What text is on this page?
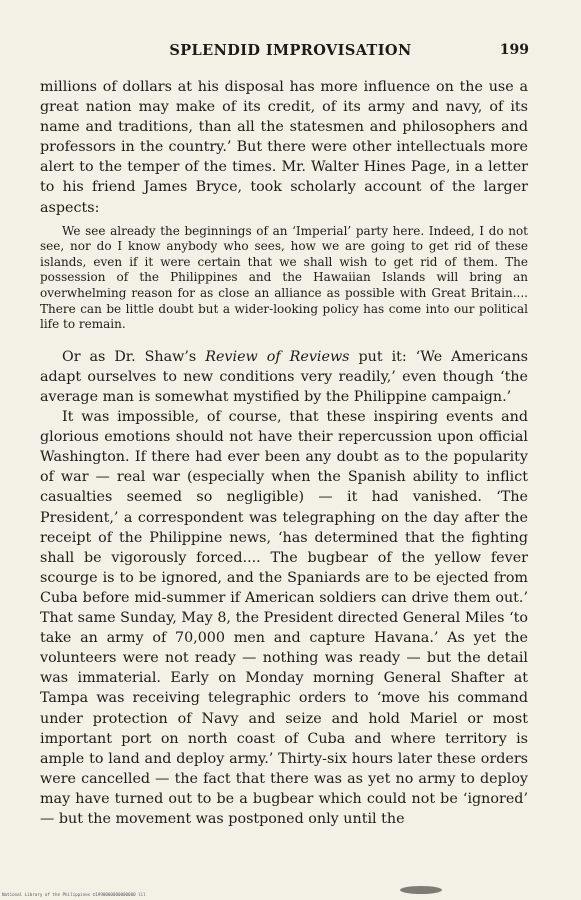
SPLENDID IMPROVISATION	199

millions of dollars at his disposal has more influence on the use a great nation may make of its credit, of its army and navy, of its name and traditions, than all the statesmen and philosophers and professors in the country.’ But there were other intellectuals more alert to the temper of the times. Mr. Walter Hines Page, in a letter to his friend James Bryce, took scholarly account of the larger aspects:

We see already the beginnings of an ‘Imperial’ party here. Indeed, I do not see, nor do I know anybody who sees, how we are going to get rid of these islands, even if it were certain that we shall wish to get rid of them. The possession of the Philippines and the Hawaiian Islands will bring an overwhelming reason for as close an alliance as possible with Great Britain.... There can be little doubt but a wider-looking policy has come into our political life to remain.

Or as Dr. Shaw’s Review of Reviews put it: ‘We Americans adapt ourselves to new conditions very readily,’ even though ‘the average man is somewhat mystified by the Philippine campaign.’

It was impossible, of course, that these inspiring events and glorious emotions should not have their repercussion upon official Washington. If there had ever been any doubt as to the popularity of war — real war (especially when the Spanish ability to inflict casualties seemed so negligible) — it had vanished. ‘The President,’ a correspondent was telegraphing on the day after the receipt of the Philippine news, ‘has determined that the fighting shall be vigorously forced.... The bugbear of the yellow fever scourge is to be ignored, and the Spaniards are to be ejected from Cuba before mid-summer if American soldiers can drive them out.’ That same Sunday, May 8, the President directed General Miles ‘to take an army of 70,000 men and capture Havana.’ As yet the volunteers were not ready — nothing was ready — but the detail was immaterial. Early on Monday morning General Shafter at Tampa was receiving telegraphic orders to ‘move his command under protection of Navy and seize and hold Mariel or most important port on north coast of Cuba and where territory is ample to land and deploy army.’ Thirty-six hours later these orders were cancelled — the fact that there was as yet no army to deploy may have turned out to be a bugbear which could not be ‘ignored’ — but the movement was postponed only until the

National Library of the Philippines ©1990000000000000 lil
